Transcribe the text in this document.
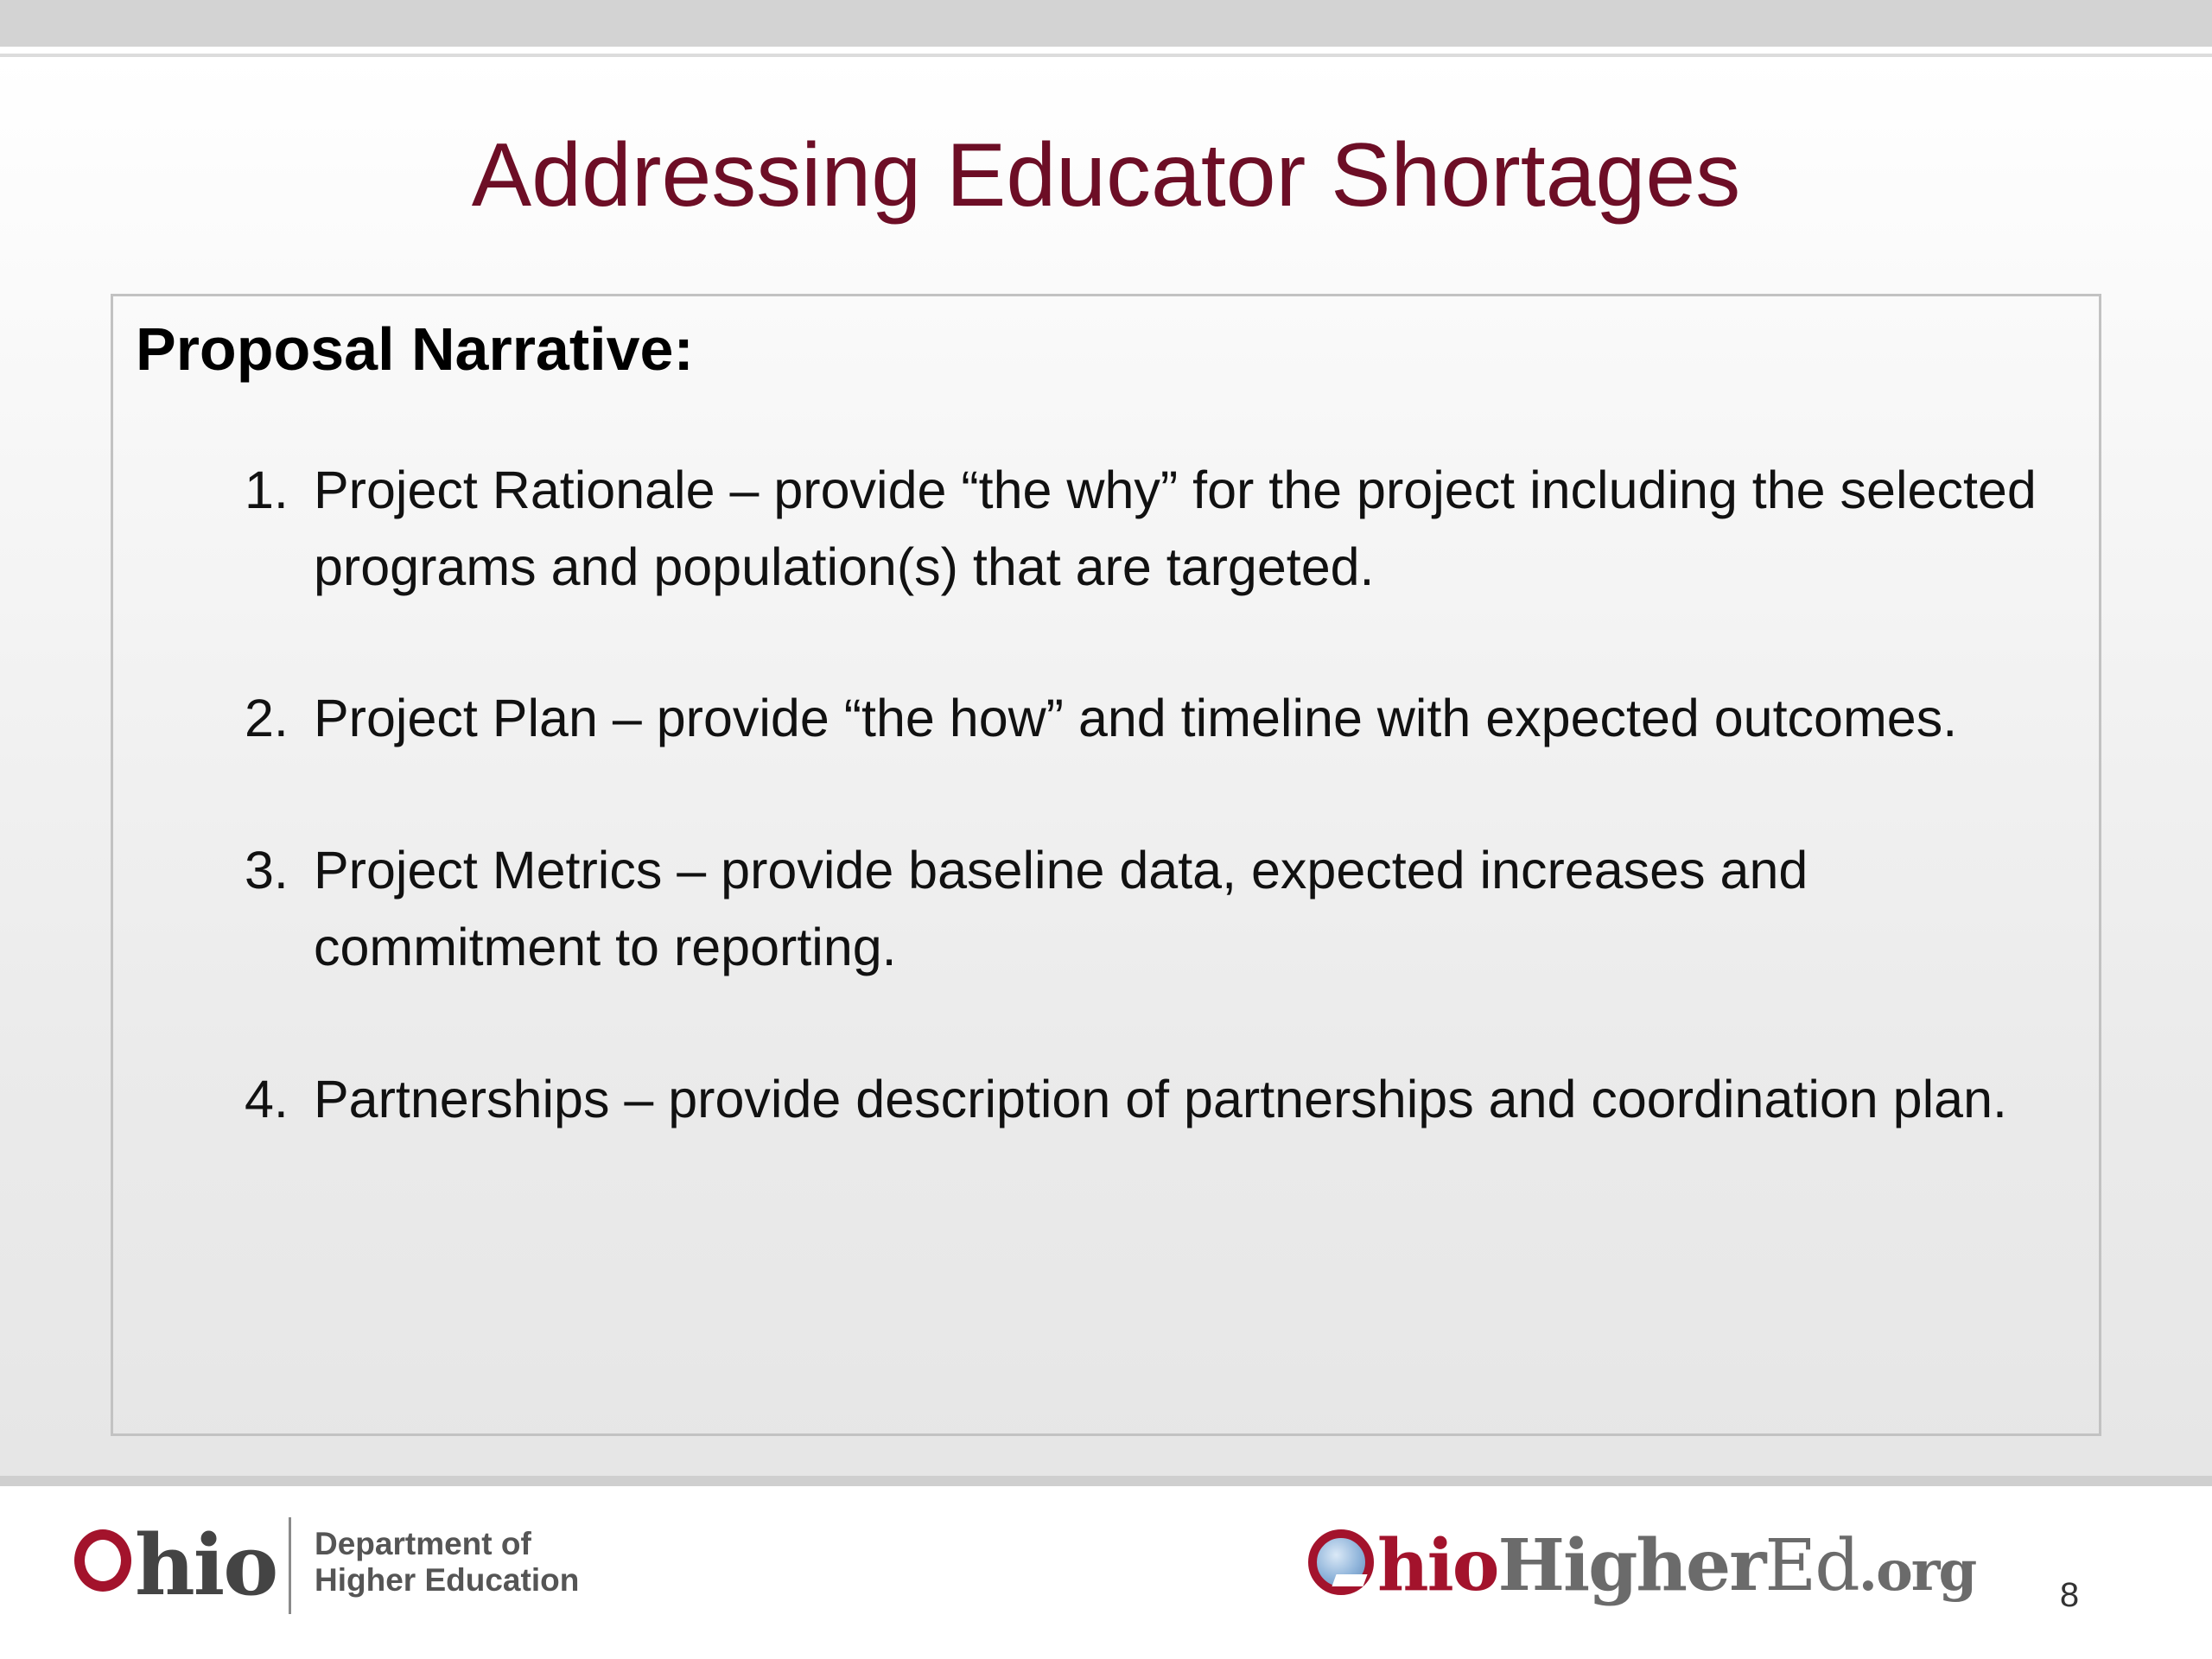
Addressing Educator Shortages
Proposal Narrative:
1. Project Rationale – provide “the why” for the project including the selected programs and population(s) that are targeted.
2. Project Plan – provide “the how” and timeline with expected outcomes.
3. Project Metrics – provide baseline data, expected increases and commitment to reporting.
4. Partnerships – provide description of partnerships and coordination plan.
hio Department of
Higher Education	hioHigherEd.org	8
